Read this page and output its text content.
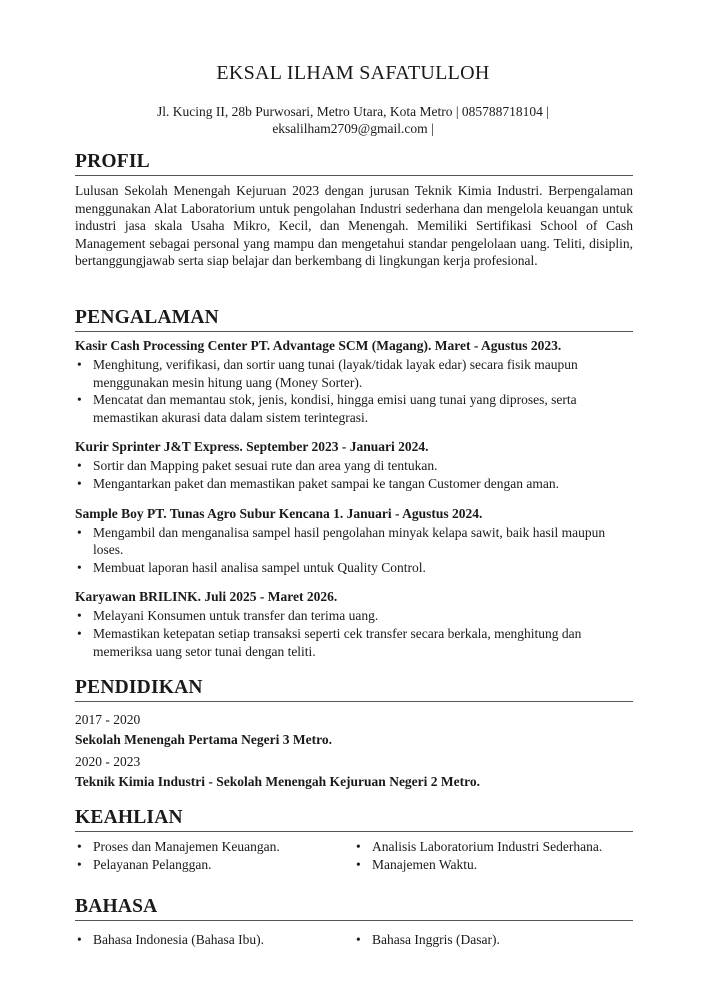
EKSAL ILHAM SAFATULLOH
Jl. Kucing II, 28b Purwosari, Metro Utara, Kota Metro | 085788718104 |
eksalilham2709@gmail.com |
PROFIL
Lulusan Sekolah Menengah Kejuruan 2023 dengan jurusan Teknik Kimia Industri. Berpengalaman menggunakan Alat Laboratorium untuk pengolahan Industri sederhana dan mengelola keuangan untuk industri jasa skala Usaha Mikro, Kecil, dan Menengah. Memiliki Sertifikasi School of Cash Management sebagai personal yang mampu dan mengetahui standar pengelolaan uang. Teliti, disiplin, bertanggungjawab serta siap belajar dan berkembang di lingkungan kerja profesional.
PENGALAMAN

Kasir Cash Processing Center PT. Advantage SCM (Magang). Maret - Agustus 2023.

• Menghitung, verifikasi, dan sortir uang tunai (layak/tidak layak edar) secara fisik maupun menggunakan mesin hitung uang (Money Sorter).
• Mencatat dan memantau stok, jenis, kondisi, hingga emisi uang tunai yang diproses, serta memastikan akurasi data dalam sistem terintegrasi.

Kurir Sprinter J&T Express. September 2023 - Januari 2024.

• Sortir dan Mapping paket sesuai rute dan area yang di tentukan.
• Mengantarkan paket dan memastikan paket sampai ke tangan Customer dengan aman.

Sample Boy PT. Tunas Agro Subur Kencana 1. Januari - Agustus 2024.

• Mengambil dan menganalisa sampel hasil pengolahan minyak kelapa sawit, baik hasil maupun loses.
• Membuat laporan hasil analisa sampel untuk Quality Control.

Karyawan BRILINK. Juli 2025 - Maret 2026.

• Melayani Konsumen untuk transfer dan terima uang.
• Memastikan ketepatan setiap transaksi seperti cek transfer secara berkala, menghitung dan memeriksa uang setor tunai dengan teliti.
PENDIDIKAN

2017 - 2020

Sekolah Menengah Pertama Negeri 3 Metro.

2020 - 2023

Teknik Kimia Industri - Sekolah Menengah Kejuruan Negeri 2 Metro.

KEAHLIAN
• Proses dan Manajemen Keuangan.
• Pelayanan Pelanggan.
• Analisis Laboratorium Industri Sederhana.
• Manajemen Waktu.
BAHASA
• Bahasa Indonesia (Bahasa Ibu).
•	Bahasa Inggris (Dasar).
